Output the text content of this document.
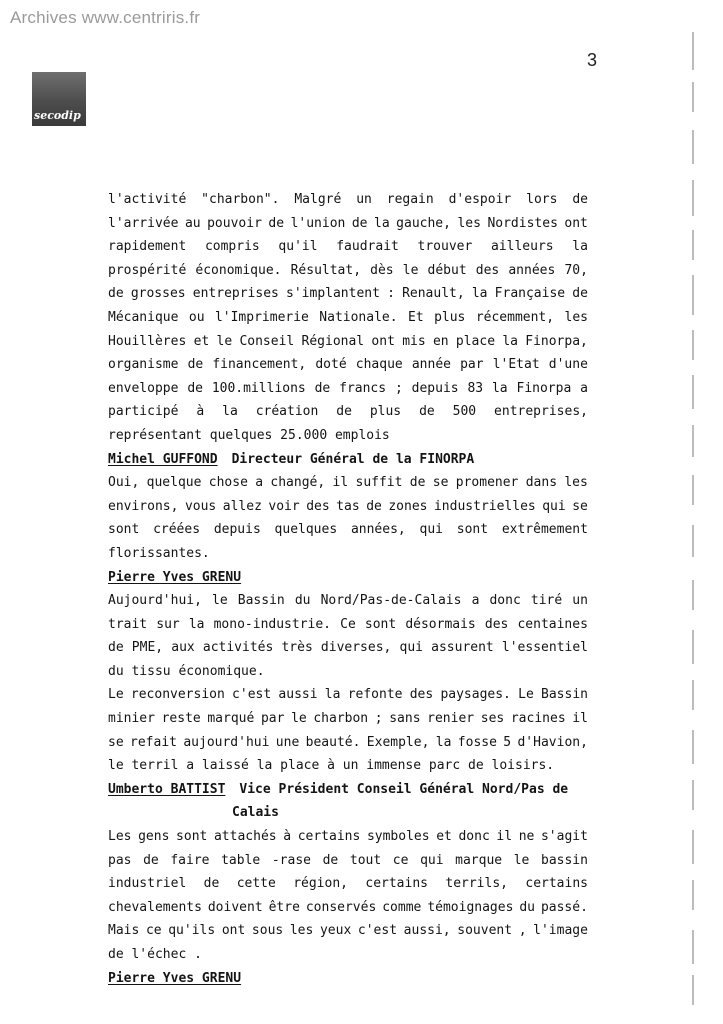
Archives www.centriris.fr
3
secodip
l'activité "charbon". Malgré un regain d'espoir lors de
l'arrivée au pouvoir de l'union de la gauche, les Nordistes ont
rapidement compris qu'il faudrait trouver ailleurs la
prospérité économique. Résultat, dès le début des années 70,
de grosses entreprises s'implantent : Renault, la Française de
Mécanique ou l'Imprimerie Nationale. Et plus récemment, les
Houillères et le Conseil Régional ont mis en place la Finorpa,
organisme de financement, doté chaque année par l'Etat d'une
enveloppe de 100.millions de francs ; depuis 83 la Finorpa a
participé à la création de plus de 500 entreprises,
représentant quelques 25.000 emplois
Michel GUFFOND Directeur Général de la FINORPA
Oui, quelque chose a changé, il suffit de se promener dans les
environs, vous allez voir des tas de zones industrielles qui se
sont créées depuis quelques années, qui sont extrêmement
florissantes.
Pierre Yves GRENU
Aujourd'hui, le Bassin du Nord/Pas-de-Calais a donc tiré un
trait sur la mono-industrie. Ce sont désormais des centaines
de PME, aux activités très diverses, qui assurent l'essentiel
du tissu économique.
Le reconversion c'est aussi la refonte des paysages. Le Bassin
minier reste marqué par le charbon ; sans renier ses racines il
se refait aujourd'hui une beauté. Exemple, la fosse 5 d'Havion,
le terril a laissé la place à un immense parc de loisirs.
Umberto BATTIST Vice Président Conseil Général Nord/Pas de
Calais
Les gens sont attachés à certains symboles et donc il ne s'agit
pas de faire table -rase de tout ce qui marque le bassin
industriel de cette région, certains terrils, certains
chevalements doivent être conservés comme témoignages du passé.
Mais ce qu'ils ont sous les yeux c'est aussi, souvent , l'image
de l'échec .
Pierre Yves GRENU
